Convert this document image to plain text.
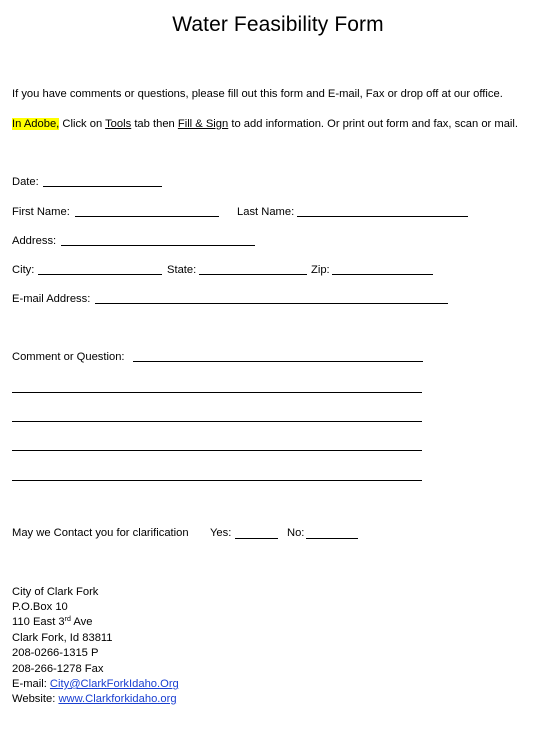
Water Feasibility Form
If you have comments or questions, please fill out this form and E-mail, Fax or drop off at our office.
In Adobe, Click on Tools tab then Fill & Sign to add information. Or print out form and fax, scan or mail.
Date:
First Name:	Last Name:
Address:
City:	State:	Zip:
E-mail Address:
Comment or Question:
May we Contact you for clarification Yes:	No:
City of Clark Fork
P.O.Box 10
110 East 3rd Ave
Clark Fork, Id 83811
208-0266-1315 P
208-266-1278 Fax
E-mail: City@ClarkForkIdaho.Org
Website: www.Clarkforkidaho.org
